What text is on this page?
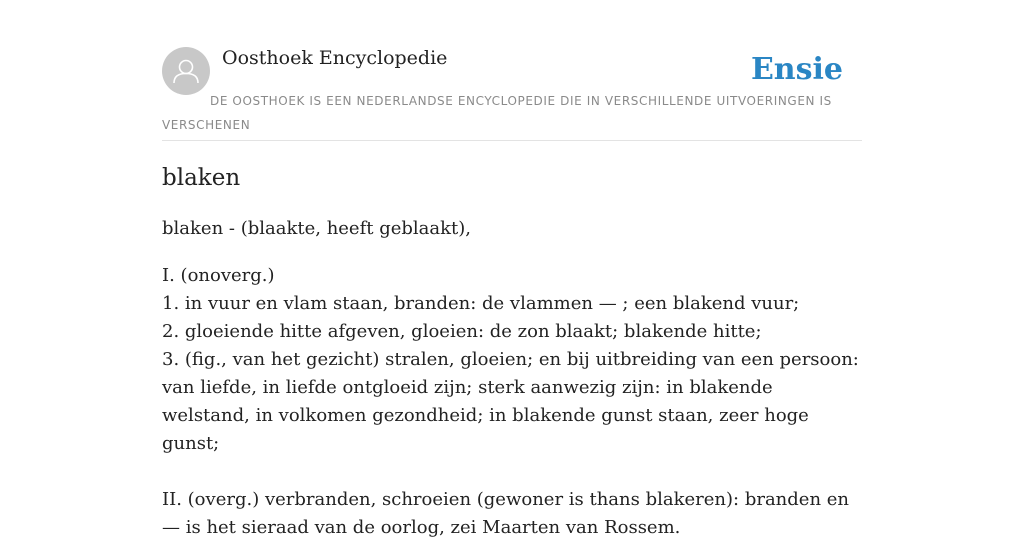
Oosthoek Encyclopedie	Ensie
DE OOSTHOEK IS EEN NEDERLANDSE ENCYCLOPEDIE DIE IN VERSCHILLENDE UITVOERINGEN IS VERSCHENEN
blaken

blaken - (blaakte, heeft geblaakt),

I. (onoverg.)

1. in vuur en vlam staan, branden: de vlammen — ; een blakend vuur;

2. gloeiende hitte afgeven, gloeien: de zon blaakt; blakende hitte;

3. (fig., van het gezicht) stralen, gloeien; en bij uitbreiding van een persoon: van liefde, in liefde ontgloeid zijn; sterk aanwezig zijn: in blakende welstand, in volkomen gezondheid; in blakende gunst staan, zeer hoge gunst;

II. (overg.) verbranden, schroeien (gewoner is thans blakeren): branden en — is het sieraad van de oorlog, zei Maarten van Rossem.
